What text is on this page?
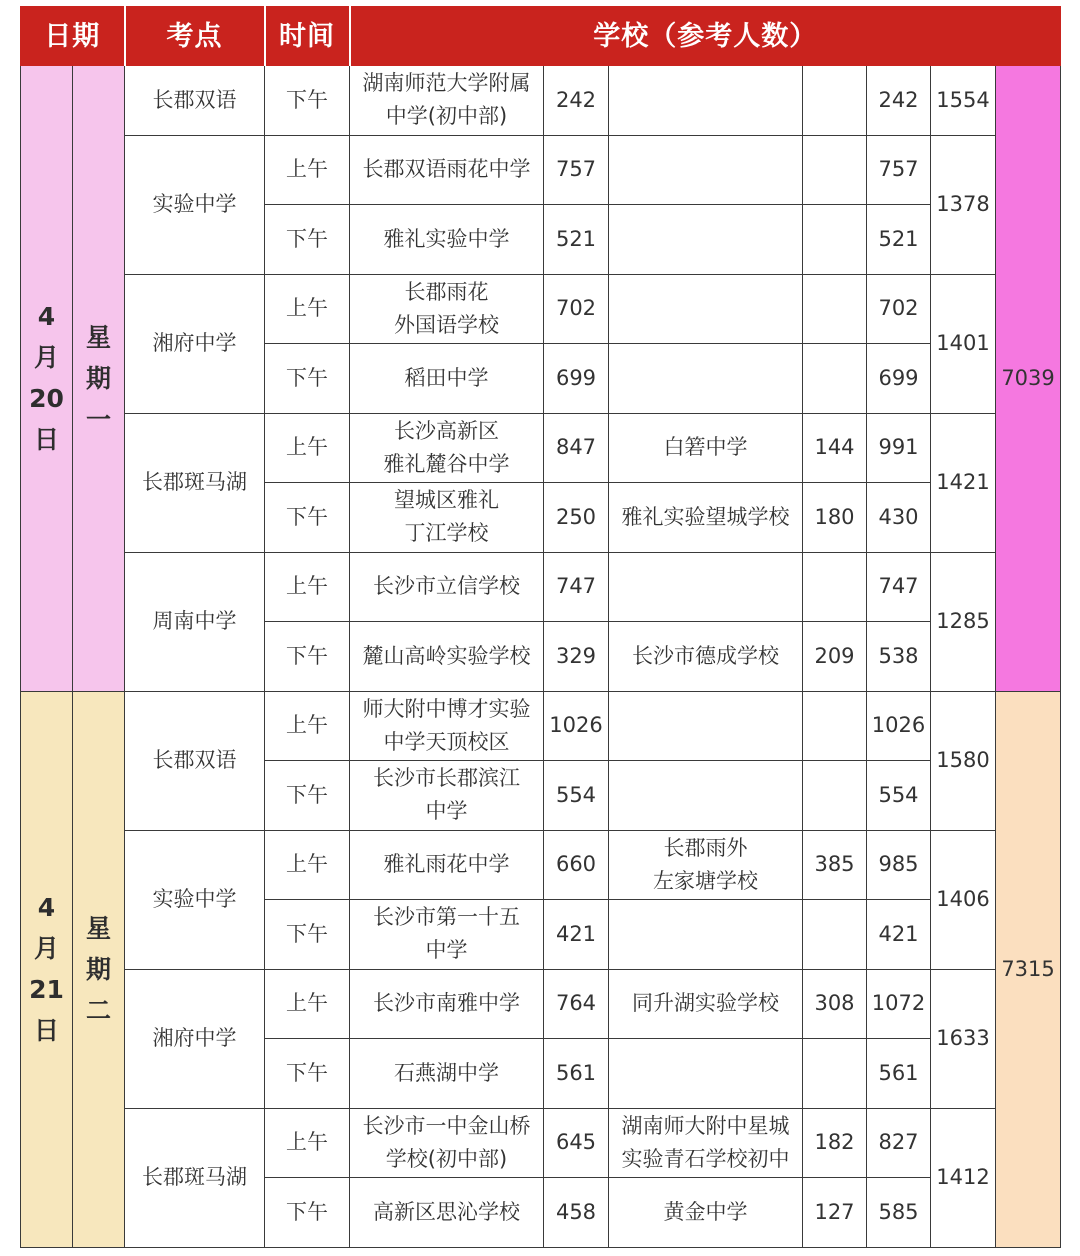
日期		考点	时间	学校（参考人数）						

4
月
20
日	星
期
一	长郡双语	下午	湖南师范大学附属
中学(初中部)	242			242	1554	7039
		实验中学	上午	长郡双语雨花中学	757			757	1378	
			下午	雅礼实验中学	521			521		
		湘府中学	上午	长郡雨花
外国语学校	702			702	1401	
			下午	稻田中学	699			699		
		长郡斑马湖	上午	长沙高新区
雅礼麓谷中学	847	白箬中学	144	991	1421	
			下午	望城区雅礼
丁江学校	250	雅礼实验望城学校	180	430		
		周南中学	上午	长沙市立信学校	747			747	1285	
			下午	麓山高岭实验学校	329	长沙市德成学校	209	538		

4
月
21
日	星
期
二	长郡双语	上午	师大附中博才实验
中学天顶校区	1026			1026	1580	7315
			下午	长沙市长郡滨江
中学	554			554		
		实验中学	上午	雅礼雨花中学	660	长郡雨外
左家塘学校	385	985	1406	
			下午	长沙市第一十五
中学	421			421		
		湘府中学	上午	长沙市南雅中学	764	同升湖实验学校	308	1072	1633	
			下午	石燕湖中学	561			561		
		长郡斑马湖	上午	长沙市一中金山桥
学校(初中部)	645	湖南师大附中星城
实验青石学校初中	182	827	1412	
			下午	高新区思沁学校	458	黄金中学	127	585		
